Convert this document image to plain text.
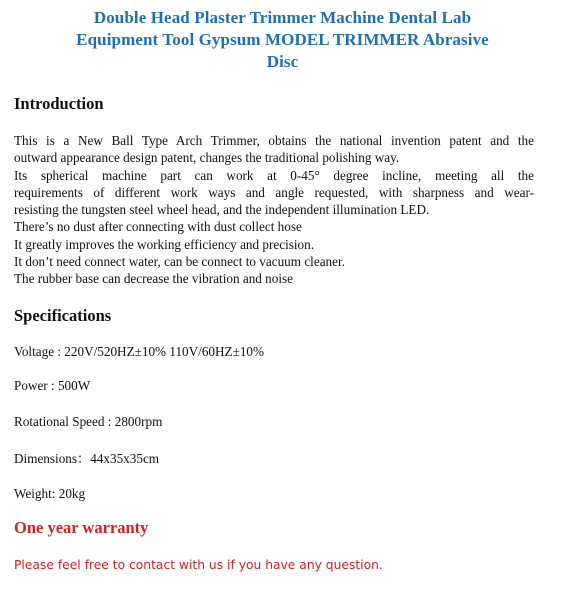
Double Head Plaster Trimmer Machine Dental Lab
Equipment Tool Gypsum MODEL TRIMMER Abrasive
Disc
Introduction
This is a New Ball Type Arch Trimmer, obtains the national invention patent and the
outward appearance design patent, changes the traditional polishing way.
Its spherical machine part can work at 0-45° degree incline, meeting all the
requirements of different work ways and angle requested, with sharpness and wear-
resisting the tungsten steel wheel head, and the independent illumination LED.
There’s no dust after connecting with dust collect hose
It greatly improves the working efficiency and precision.
It don’t need connect water, can be connect to vacuum cleaner.
The rubber base can decrease the vibration and noise
Specifications
Voltage : 220V/520HZ±10% 110V/60HZ±10%
Power : 500W
Rotational Speed : 2800rpm
Dimensions：44x35x35cm
Weight: 20kg
One year warranty
Please feel free to contact with us if you have any question.
